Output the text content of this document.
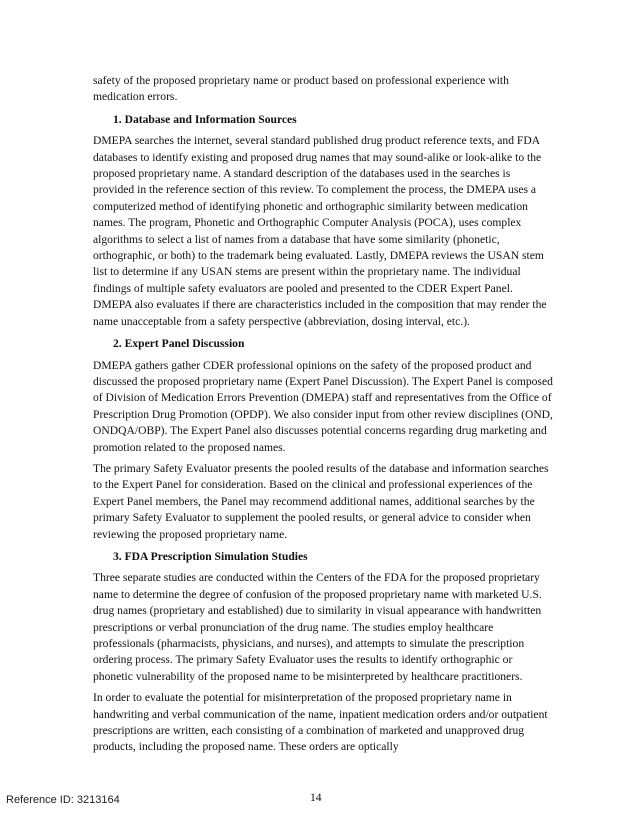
safety of the proposed proprietary name or product based on professional experience with medication errors.

1. Database and Information Sources

DMEPA searches the internet, several standard published drug product reference texts, and FDA databases to identify existing and proposed drug names that may sound-alike or look-alike to the proposed proprietary name. A standard description of the databases used in the searches is provided in the reference section of this review. To complement the process, the DMEPA uses a computerized method of identifying phonetic and orthographic similarity between medication names. The program, Phonetic and Orthographic Computer Analysis (POCA), uses complex algorithms to select a list of names from a database that have some similarity (phonetic, orthographic, or both) to the trademark being evaluated. Lastly, DMEPA reviews the USAN stem list to determine if any USAN stems are present within the proprietary name. The individual findings of multiple safety evaluators are pooled and presented to the CDER Expert Panel. DMEPA also evaluates if there are characteristics included in the composition that may render the name unacceptable from a safety perspective (abbreviation, dosing interval, etc.).

2. Expert Panel Discussion

DMEPA gathers gather CDER professional opinions on the safety of the proposed product and discussed the proposed proprietary name (Expert Panel Discussion). The Expert Panel is composed of Division of Medication Errors Prevention (DMEPA) staff and representatives from the Office of Prescription Drug Promotion (OPDP). We also consider input from other review disciplines (OND, ONDQA/OBP). The Expert Panel also discusses potential concerns regarding drug marketing and promotion related to the proposed names.

The primary Safety Evaluator presents the pooled results of the database and information searches to the Expert Panel for consideration. Based on the clinical and professional experiences of the Expert Panel members, the Panel may recommend additional names, additional searches by the primary Safety Evaluator to supplement the pooled results, or general advice to consider when reviewing the proposed proprietary name.

3. FDA Prescription Simulation Studies

Three separate studies are conducted within the Centers of the FDA for the proposed proprietary name to determine the degree of confusion of the proposed proprietary name with marketed U.S. drug names (proprietary and established) due to similarity in visual appearance with handwritten prescriptions or verbal pronunciation of the drug name. The studies employ healthcare professionals (pharmacists, physicians, and nurses), and attempts to simulate the prescription ordering process. The primary Safety Evaluator uses the results to identify orthographic or phonetic vulnerability of the proposed name to be misinterpreted by healthcare practitioners.

In order to evaluate the potential for misinterpretation of the proposed proprietary name in handwriting and verbal communication of the name, inpatient medication orders and/or outpatient prescriptions are written, each consisting of a combination of marketed and unapproved drug products, including the proposed name. These orders are optically

14
Reference ID: 3213164
